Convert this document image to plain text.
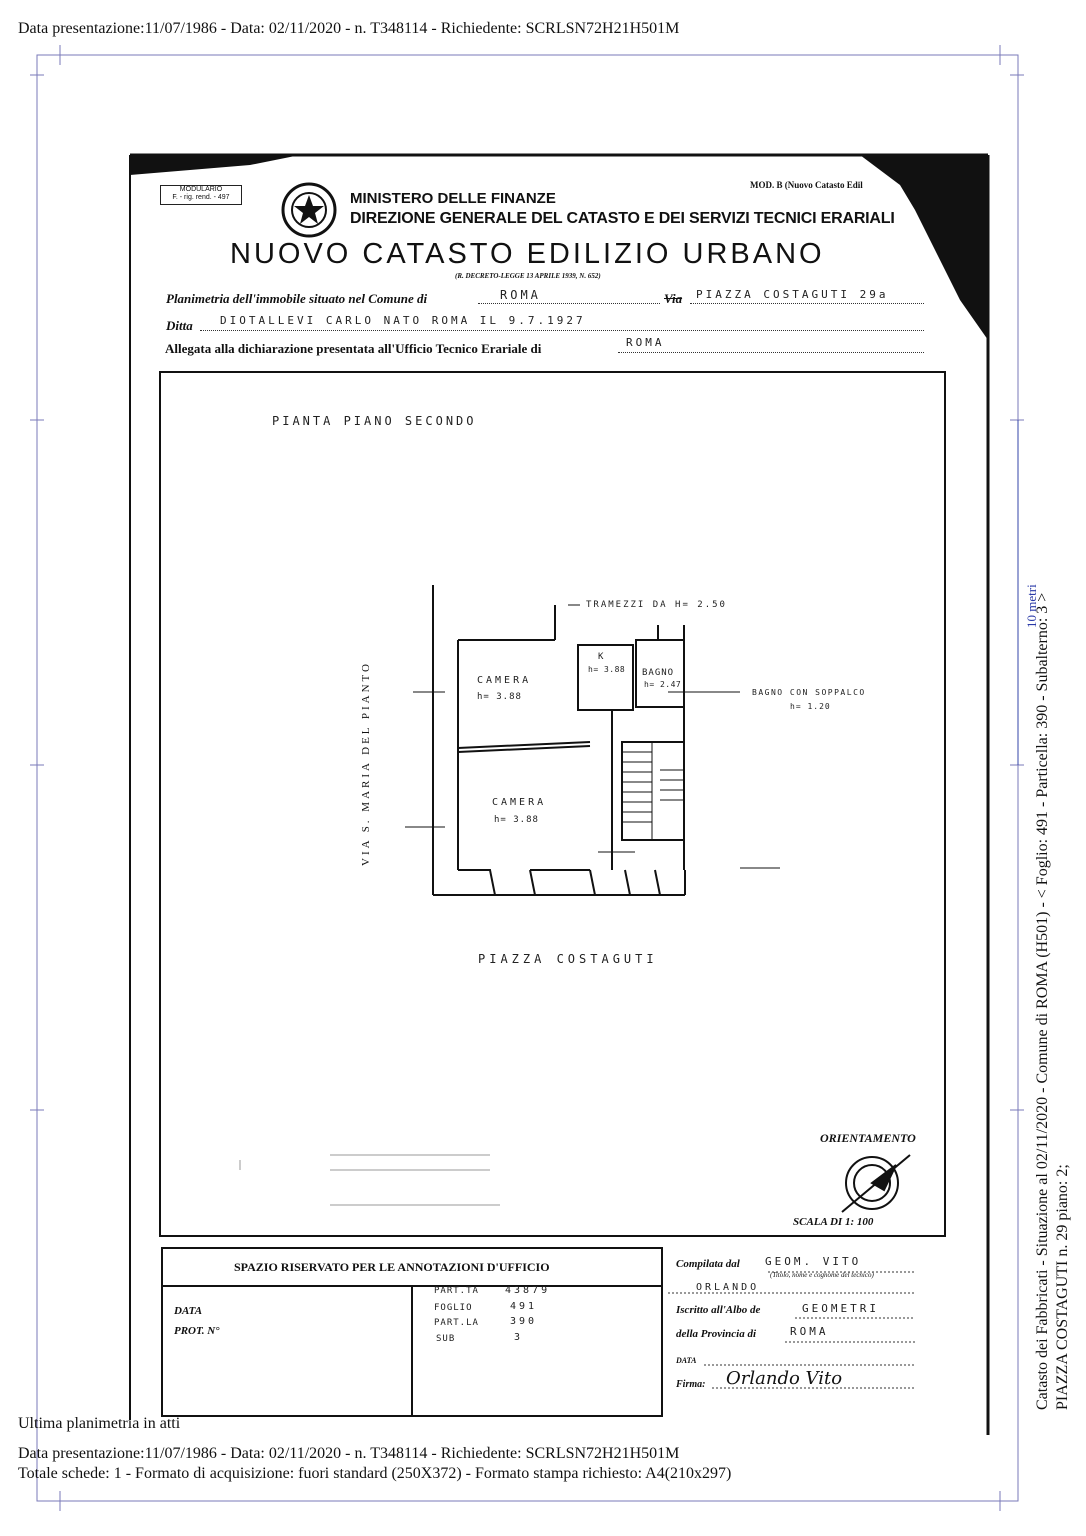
Data presentazione:11/07/1986 - Data: 02/11/2020 - n. T348114 - Richiedente: SCRLSN72H21H501M
MODULARIO
F. - rig. rend. - 497
MOD. B (Nuovo Catasto Edil
MINISTERO DELLE FINANZE
DIREZIONE GENERALE DEL CATASTO E DEI SERVIZI TECNICI ERARIALI
NUOVO CATASTO EDILIZIO URBANO
(R. DECRETO-LEGGE 13 APRILE 1939, N. 652)
Planimetria dell'immobile situato nel Comune di	ROMA	Via PIAZZA COSTAGUTI 29a
Ditta DIOTALLEVI CARLO NATO ROMA IL 9.7.1927
Allegata alla dichiarazione presentata all'Ufficio Tecnico Erariale di	ROMA
PIANTA PIANO SECONDO
VIA S. MARIA DEL PIANTO
TRAMEZZI DA H= 2.50
CAMERA
h= 3.88
K
h= 3.88 BAGNO
h= 2.47
BAGNO CON SOPPALCO
h= 1.20
CAMERA
h= 3.88
PIAZZA COSTAGUTI
ORIENTAMENTO
SCALA DI 1: 100
SPAZIO RISERVATO PER LE ANNOTAZIONI D'UFFICIO
DATA
PROT. N°
PART.TA	43879
FOGLIO	491
PART.LA	390
SUB	3
Compilata dal GEOM. VITO
(Titolo, nome e cognome del tecnico)
ORLANDO
Iscritto all'Albo de	GEOMETRI
della Provincia di	ROMA
DATA
Firma: Orlando Vito	Catasto dei Fabbricati - Situazione al 02/11/2020 - Comune di ROMA (H501) - < Foglio: 491 - Particella: 390 - Subalterno: 3 > PIAZZA COSTAGUTI n. 29 piano: 2;
10 metri
Ultima planimetria in atti
Data presentazione:11/07/1986 - Data: 02/11/2020 - n. T348114 - Richiedente: SCRLSN72H21H501M
Totale schede: 1 - Formato di acquisizione: fuori standard (250X372) - Formato stampa richiesto: A4(210x297)
